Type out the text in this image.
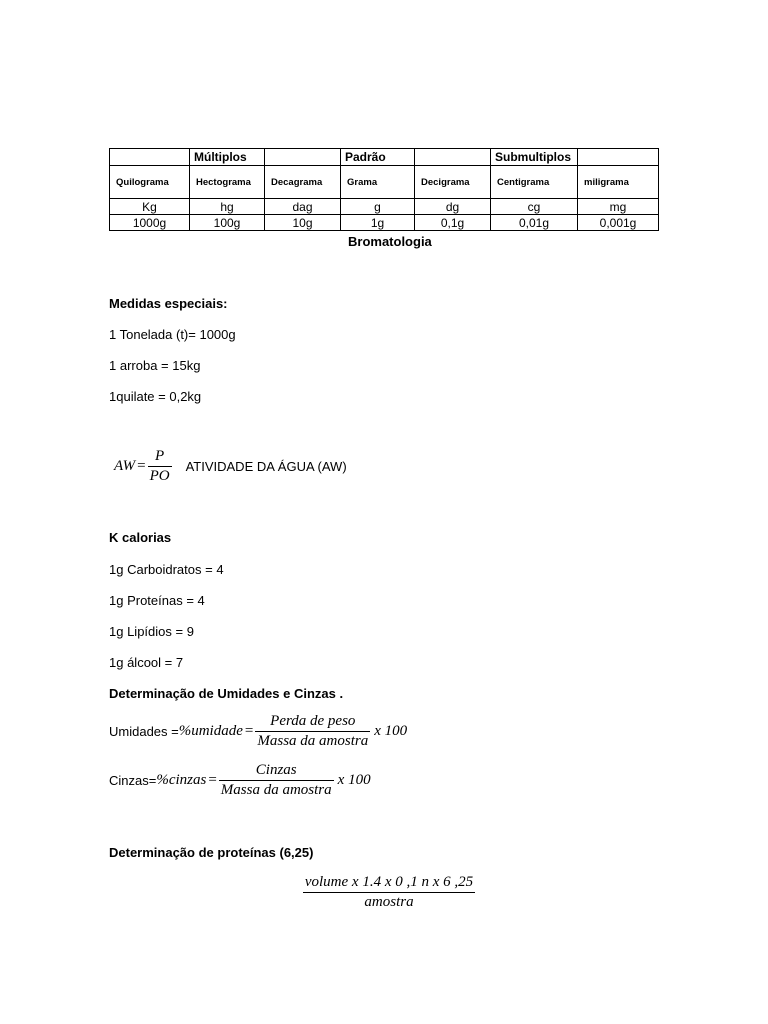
	Múltiplos		Padrão		Submultiplos	
Quilograma	Hectograma	Decagrama	Grama	Decigrama	Centigrama	miligrama
Kg	hg	dag	g	dg	cg	mg
1000g	100g	10g	1g	0,1g	0,01g	0,001g
Bromatologia
Medidas especiais:
1 Tonelada (t)= 1000g
1 arroba = 15kg
1quilate = 0,2kg
AW = $\frac{P}{PO}$ ATIVIDADE DA ÁGUA (AW)
K calorias
1g Carboidratos = 4
1g Proteínas = 4
1g Lipídios = 9
1g álcool = 7
Determinação de Umidades e Cinzas .
Umidades = %umidade = $\frac{\text{Perda de peso}}{\text{Massa da amostra}}$ x 100
Cinzas= %cinzas = $\frac{\text{Cinzas}}{\text{Massa da amostra}}$ x 100
Determinação de proteínas (6,25)
$\frac{\text{volume x 1.4 x 0 ,1 n x 6 ,25}}{\text{amostra}}$
